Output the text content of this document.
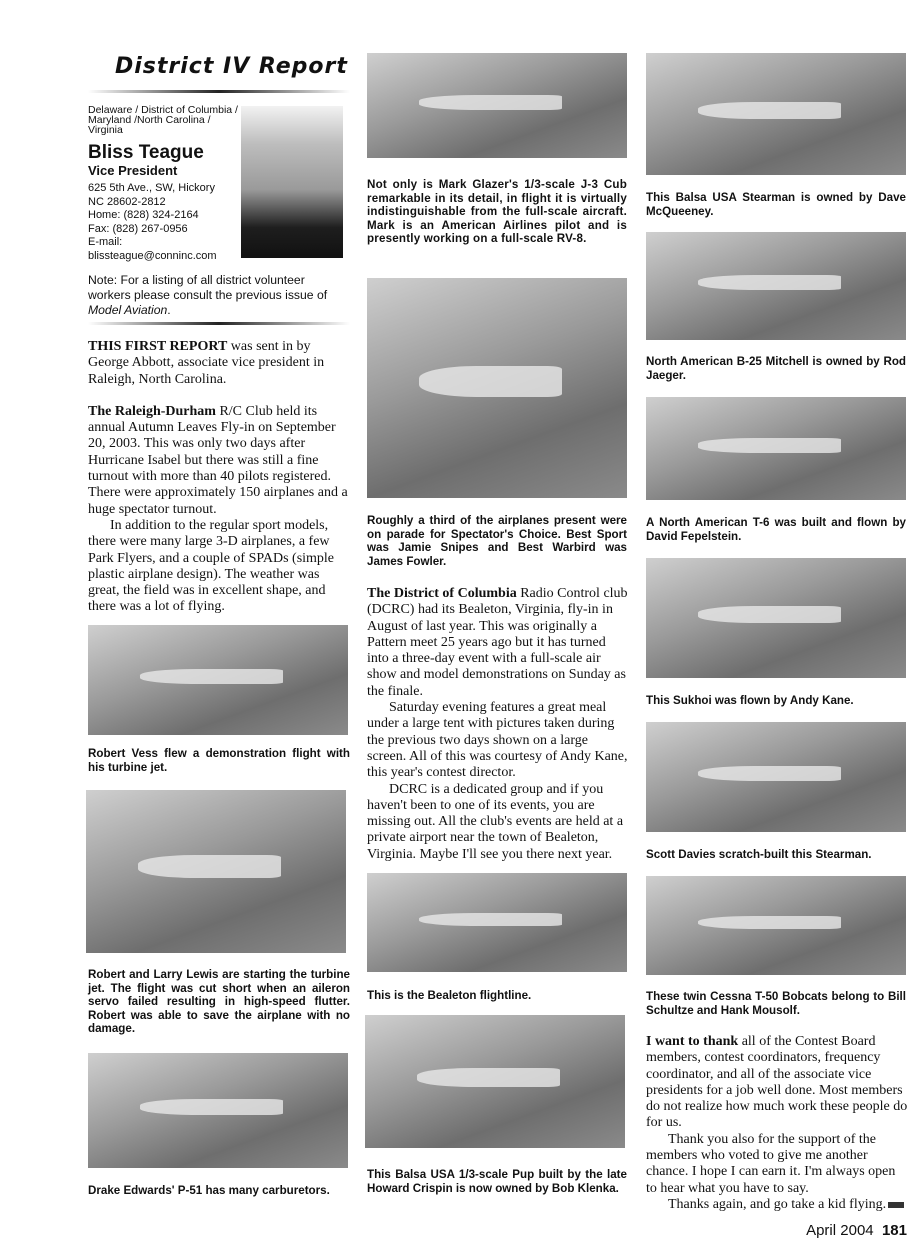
District IV Report
Delaware / District of Columbia / Maryland /North Carolina / Virginia
Bliss Teague
Vice President
625 5th Ave., SW, Hickory
NC 28602-2812
Home: (828) 324-2164
Fax: (828) 267-0956
E-mail:
blissteague@conninc.com
Note: For a listing of all district volunteer workers please consult the previous issue of Model Aviation.

THIS FIRST REPORT was sent in by George Abbott, associate vice president in Raleigh, North Carolina.

The Raleigh-Durham R/C Club held its annual Autumn Leaves Fly-in on September 20, 2003. This was only two days after Hurricane Isabel but there was still a fine turnout with more than 40 pilots registered. There were approximately 150 airplanes and a huge spectator turnout.

In addition to the regular sport models, there were many large 3-D airplanes, a few Park Flyers, and a couple of SPADs (simple plastic airplane design). The weather was great, the field was in excellent shape, and there was a lot of flying.

Robert Vess flew a demonstration flight with his turbine jet.
Robert and Larry Lewis are starting the turbine jet. The flight was cut short when an aileron servo failed resulting in high-speed flutter. Robert was able to save the airplane with no damage.
Drake Edwards' P-51 has many carburetors.
Not only is Mark Glazer's 1/3-scale J-3 Cub remarkable in its detail, in flight it is virtually indistinguishable from the full-scale aircraft. Mark is an American Airlines pilot and is presently working on a full-scale RV-8.
Roughly a third of the airplanes present were on parade for Spectator's Choice. Best Sport was Jamie Snipes and Best Warbird was James Fowler.

The District of Columbia Radio Control club (DCRC) had its Bealeton, Virginia, fly-in in August of last year. This was originally a Pattern meet 25 years ago but it has turned into a three-day event with a full-scale air show and model demonstrations on Sunday as the finale.

Saturday evening features a great meal under a large tent with pictures taken during the previous two days shown on a large screen. All of this was courtesy of Andy Kane, this year's contest director.

DCRC is a dedicated group and if you haven't been to one of its events, you are missing out. All the club's events are held at a private airport near the town of Bealeton, Virginia. Maybe I'll see you there next year.

This is the Bealeton flightline.
This Balsa USA 1/3-scale Pup built by the late Howard Crispin is now owned by Bob Klenka.
This Balsa USA Stearman is owned by Dave McQueeney.
North American B-25 Mitchell is owned by Rod Jaeger.
A North American T-6 was built and flown by David Fepelstein.
This Sukhoi was flown by Andy Kane.
Scott Davies scratch-built this Stearman.
These twin Cessna T-50 Bobcats belong to Bill Schultze and Hank Mousolf.

I want to thank all of the Contest Board members, contest coordinators, frequency coordinator, and all of the associate vice presidents for a job well done. Most members do not realize how much work these people do for us.

Thank you also for the support of the members who voted to give me another chance. I hope I can earn it. I'm always open to hear what you have to say.

Thanks again, and go take a kid flying.

April 2004 181
